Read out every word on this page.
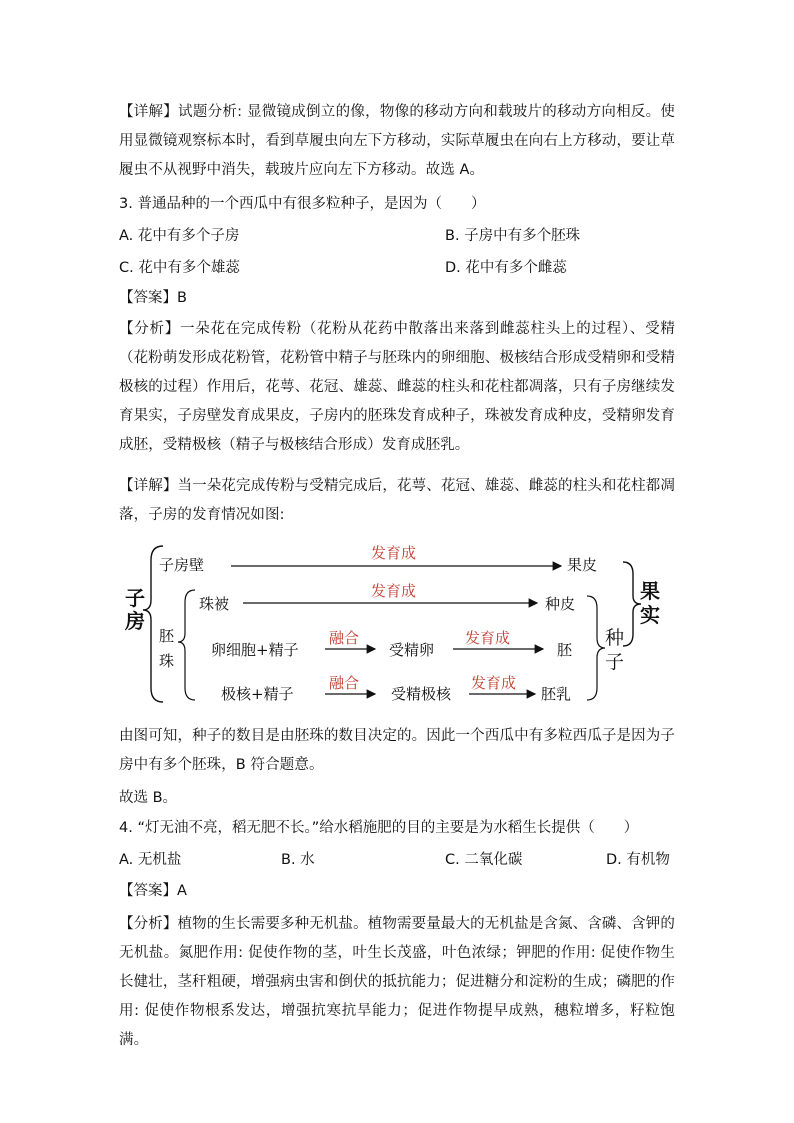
【详解】试题分析: 显微镜成倒立的像，物像的移动方向和载玻片的移动方向相反。使用显微镜观察标本时，看到草履虫向左下方移动，实际草履虫在向右上方移动，要让草履虫不从视野中消失，载玻片应向左下方移动。故选 A。

3. 普通品种的一个西瓜中有很多粒种子，是因为（　　）
A. 花中有多个子房	B. 子房中有多个胚珠
C. 花中有多个雄蕊	D. 花中有多个雌蕊
【答案】B

【分析】一朵花在完成传粉（花粉从花药中散落出来落到雌蕊柱头上的过程）、受精（花粉萌发形成花粉管，花粉管中精子与胚珠内的卵细胞、极核结合形成受精卵和受精极核的过程）作用后，花萼、花冠、雄蕊、雌蕊的柱头和花柱都凋落，只有子房继续发育果实，子房壁发育成果皮，子房内的胚珠发育成种子，珠被发育成种皮，受精卵发育成胚，受精极核（精子与极核结合形成）发育成胚乳。

【详解】当一朵花完成传粉与受精完成后，花萼、花冠、雄蕊、雌蕊的柱头和花柱都凋落，子房的发育情况如图:

子
房
子房壁
发育成
果皮
胚
珠
珠被
发育成
种皮
卵细胞+精子
融合
受精卵
发育成
胚
极核+精子
融合
受精极核
发育成
胚乳
种
子
果
实

由图可知，种子的数目是由胚珠的数目决定的。因此一个西瓜中有多粒西瓜子是因为子房中有多个胚珠，B 符合题意。

故选 B。
4. “灯无油不亮，稻无肥不长。”给水稻施肥的目的主要是为水稻生长提供（　　）
A. 无机盐	B. 水	C. 二氧化碳	D. 有机物
【答案】A

【分析】植物的生长需要多种无机盐。植物需要量最大的无机盐是含氮、含磷、含钾的无机盐。氮肥作用: 促使作物的茎，叶生长茂盛，叶色浓绿；钾肥的作用: 促使作物生长健壮，茎秆粗硬，增强病虫害和倒伏的抵抗能力；促进糖分和淀粉的生成；磷肥的作用: 促使作物根系发达，增强抗寒抗旱能力；促进作物提早成熟，穗粒增多，籽粒饱满。
